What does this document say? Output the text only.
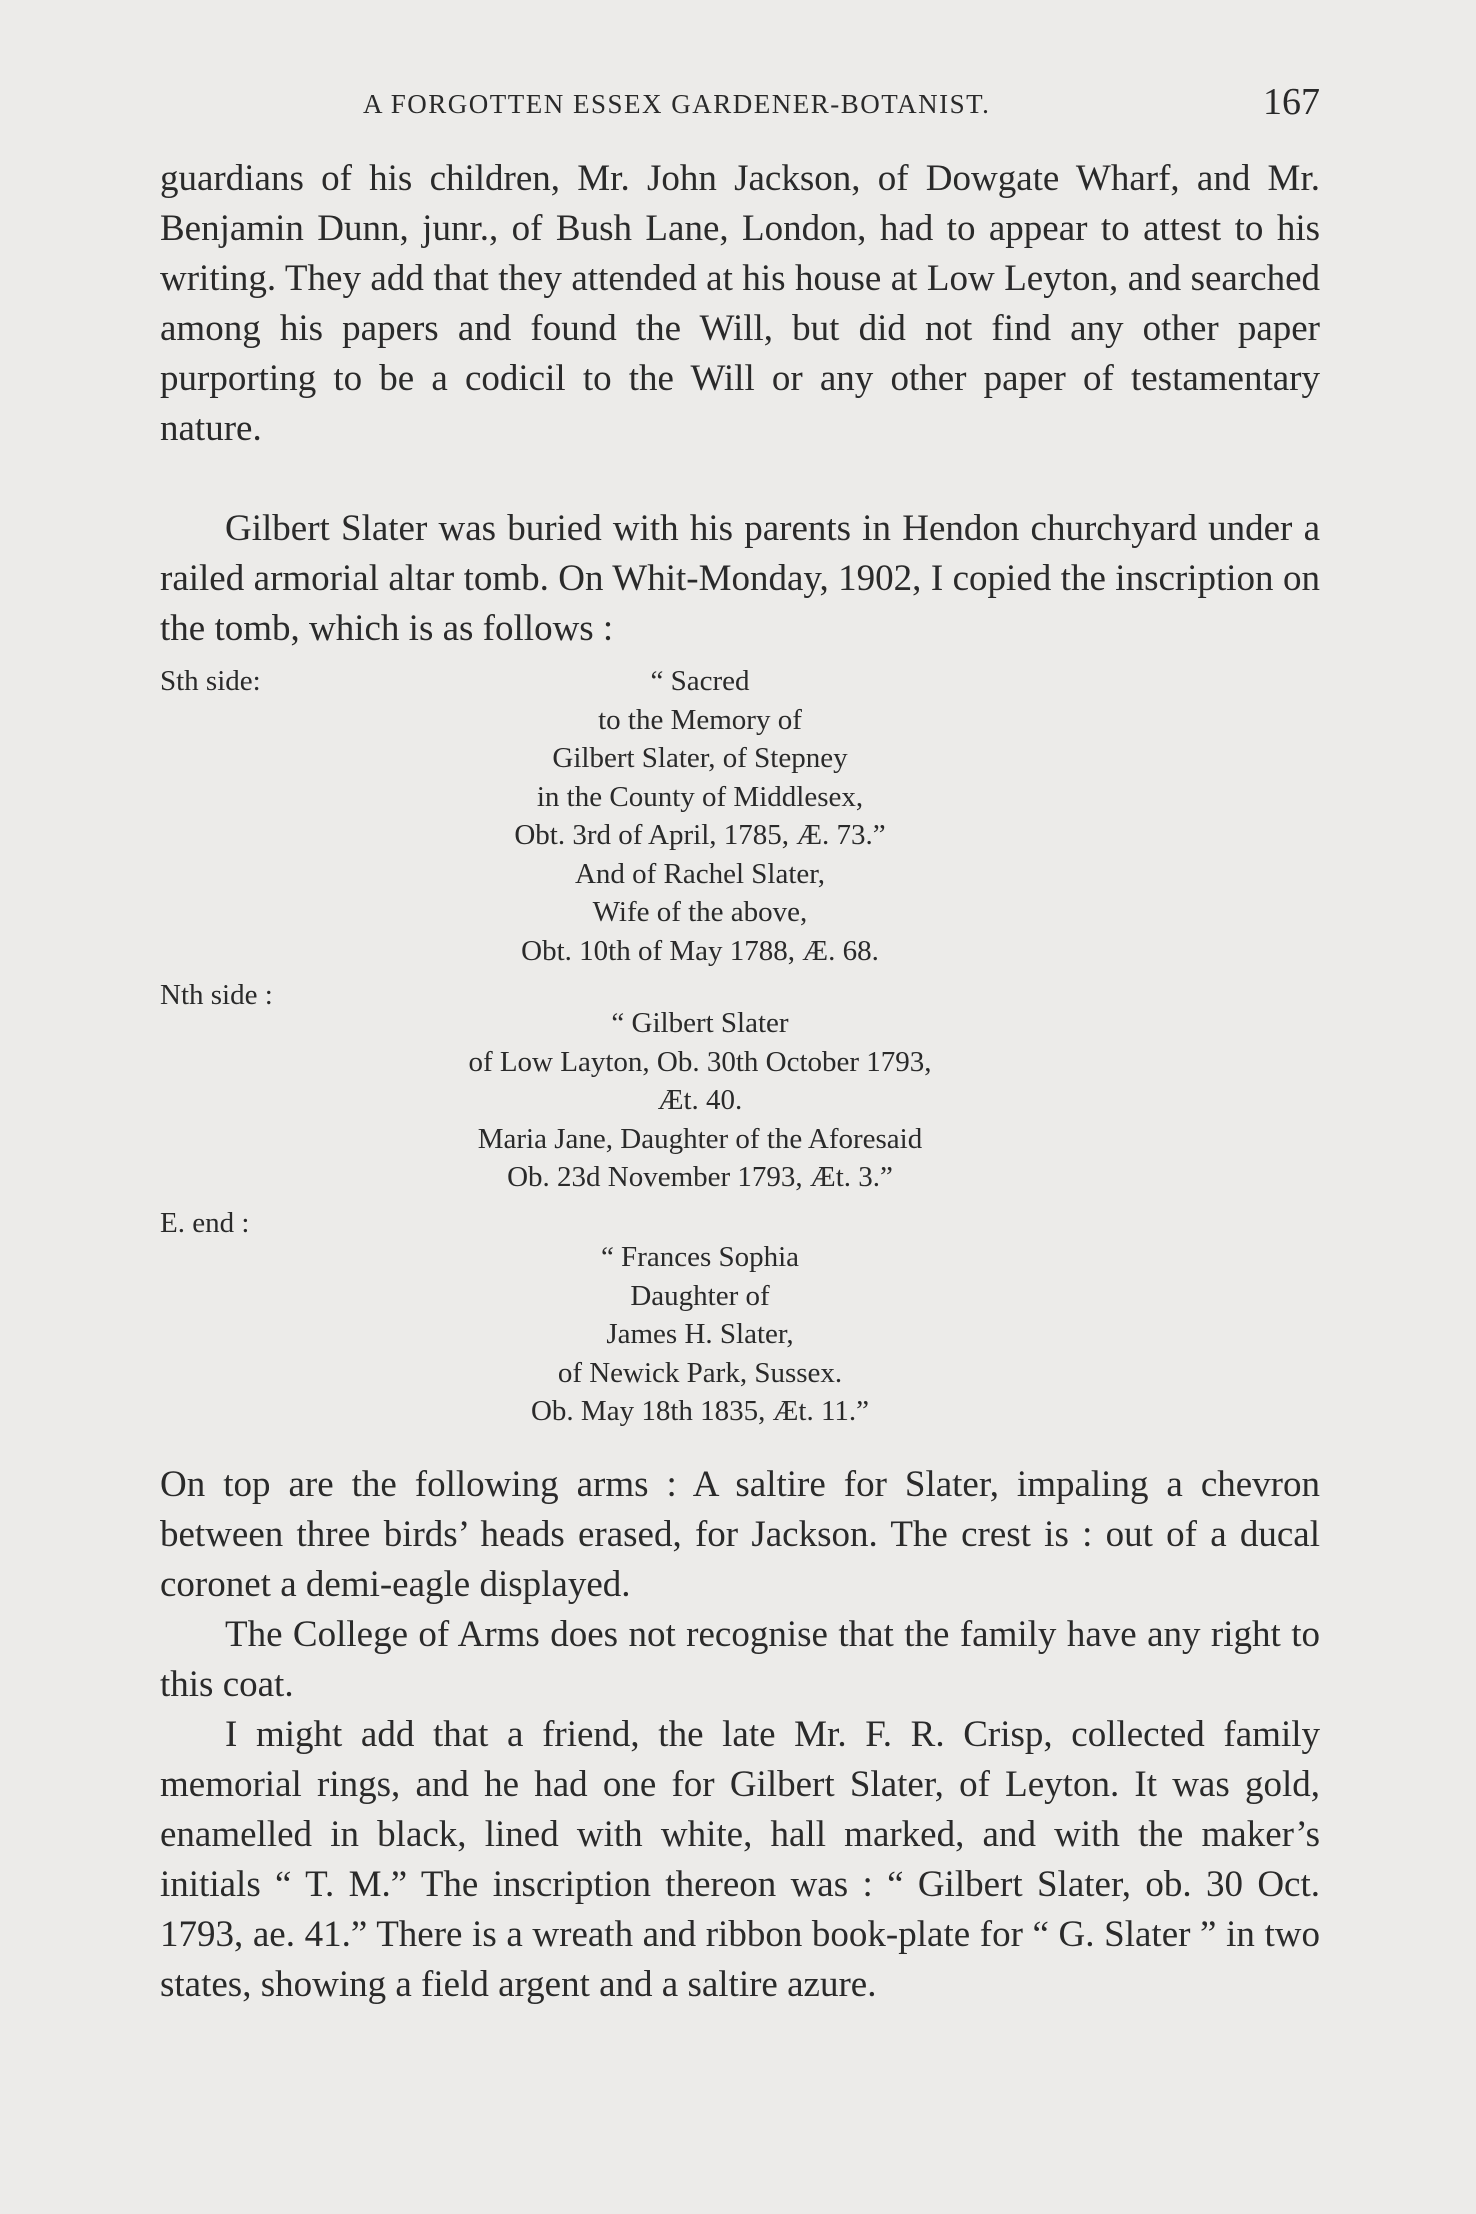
A FORGOTTEN ESSEX GARDENER-BOTANIST.	167

guardians of his children, Mr. John Jackson, of Dowgate Wharf, and Mr. Benjamin Dunn, junr., of Bush Lane, London, had to appear to attest to his writing. They add that they attended at his house at Low Leyton, and searched among his papers and found the Will, but did not find any other paper purporting to be a codicil to the Will or any other paper of testamentary nature.

Gilbert Slater was buried with his parents in Hendon churchyard under a railed armorial altar tomb. On Whit-Monday, 1902, I copied the inscription on the tomb, which is as follows :

Sth side:	“ Sacred
to the Memory of
Gilbert Slater, of Stepney
in the County of Middlesex,
Obt. 3rd of April, 1785, Æ. 73.”
And of Rachel Slater,
Wife of the above,
Obt. 10th of May 1788, Æ. 68.
Nth side :
“ Gilbert Slater
of Low Layton, Ob. 30th October 1793,
Æt. 40.
Maria Jane, Daughter of the Aforesaid
Ob. 23d November 1793, Æt. 3.”
E. end :
“ Frances Sophia
Daughter of
James H. Slater,
of Newick Park, Sussex.
Ob. May 18th 1835, Æt. 11.”

On top are the following arms : A saltire for Slater, impaling a chevron between three birds’ heads erased, for Jackson. The crest is : out of a ducal coronet a demi-eagle displayed.

The College of Arms does not recognise that the family have any right to this coat.

I might add that a friend, the late Mr. F. R. Crisp, collected family memorial rings, and he had one for Gilbert Slater, of Leyton. It was gold, enamelled in black, lined with white, hall marked, and with the maker’s initials “ T. M.” The inscription thereon was : “ Gilbert Slater, ob. 30 Oct. 1793, ae. 41.” There is a wreath and ribbon book-plate for “ G. Slater ” in two states, showing a field argent and a saltire azure.
